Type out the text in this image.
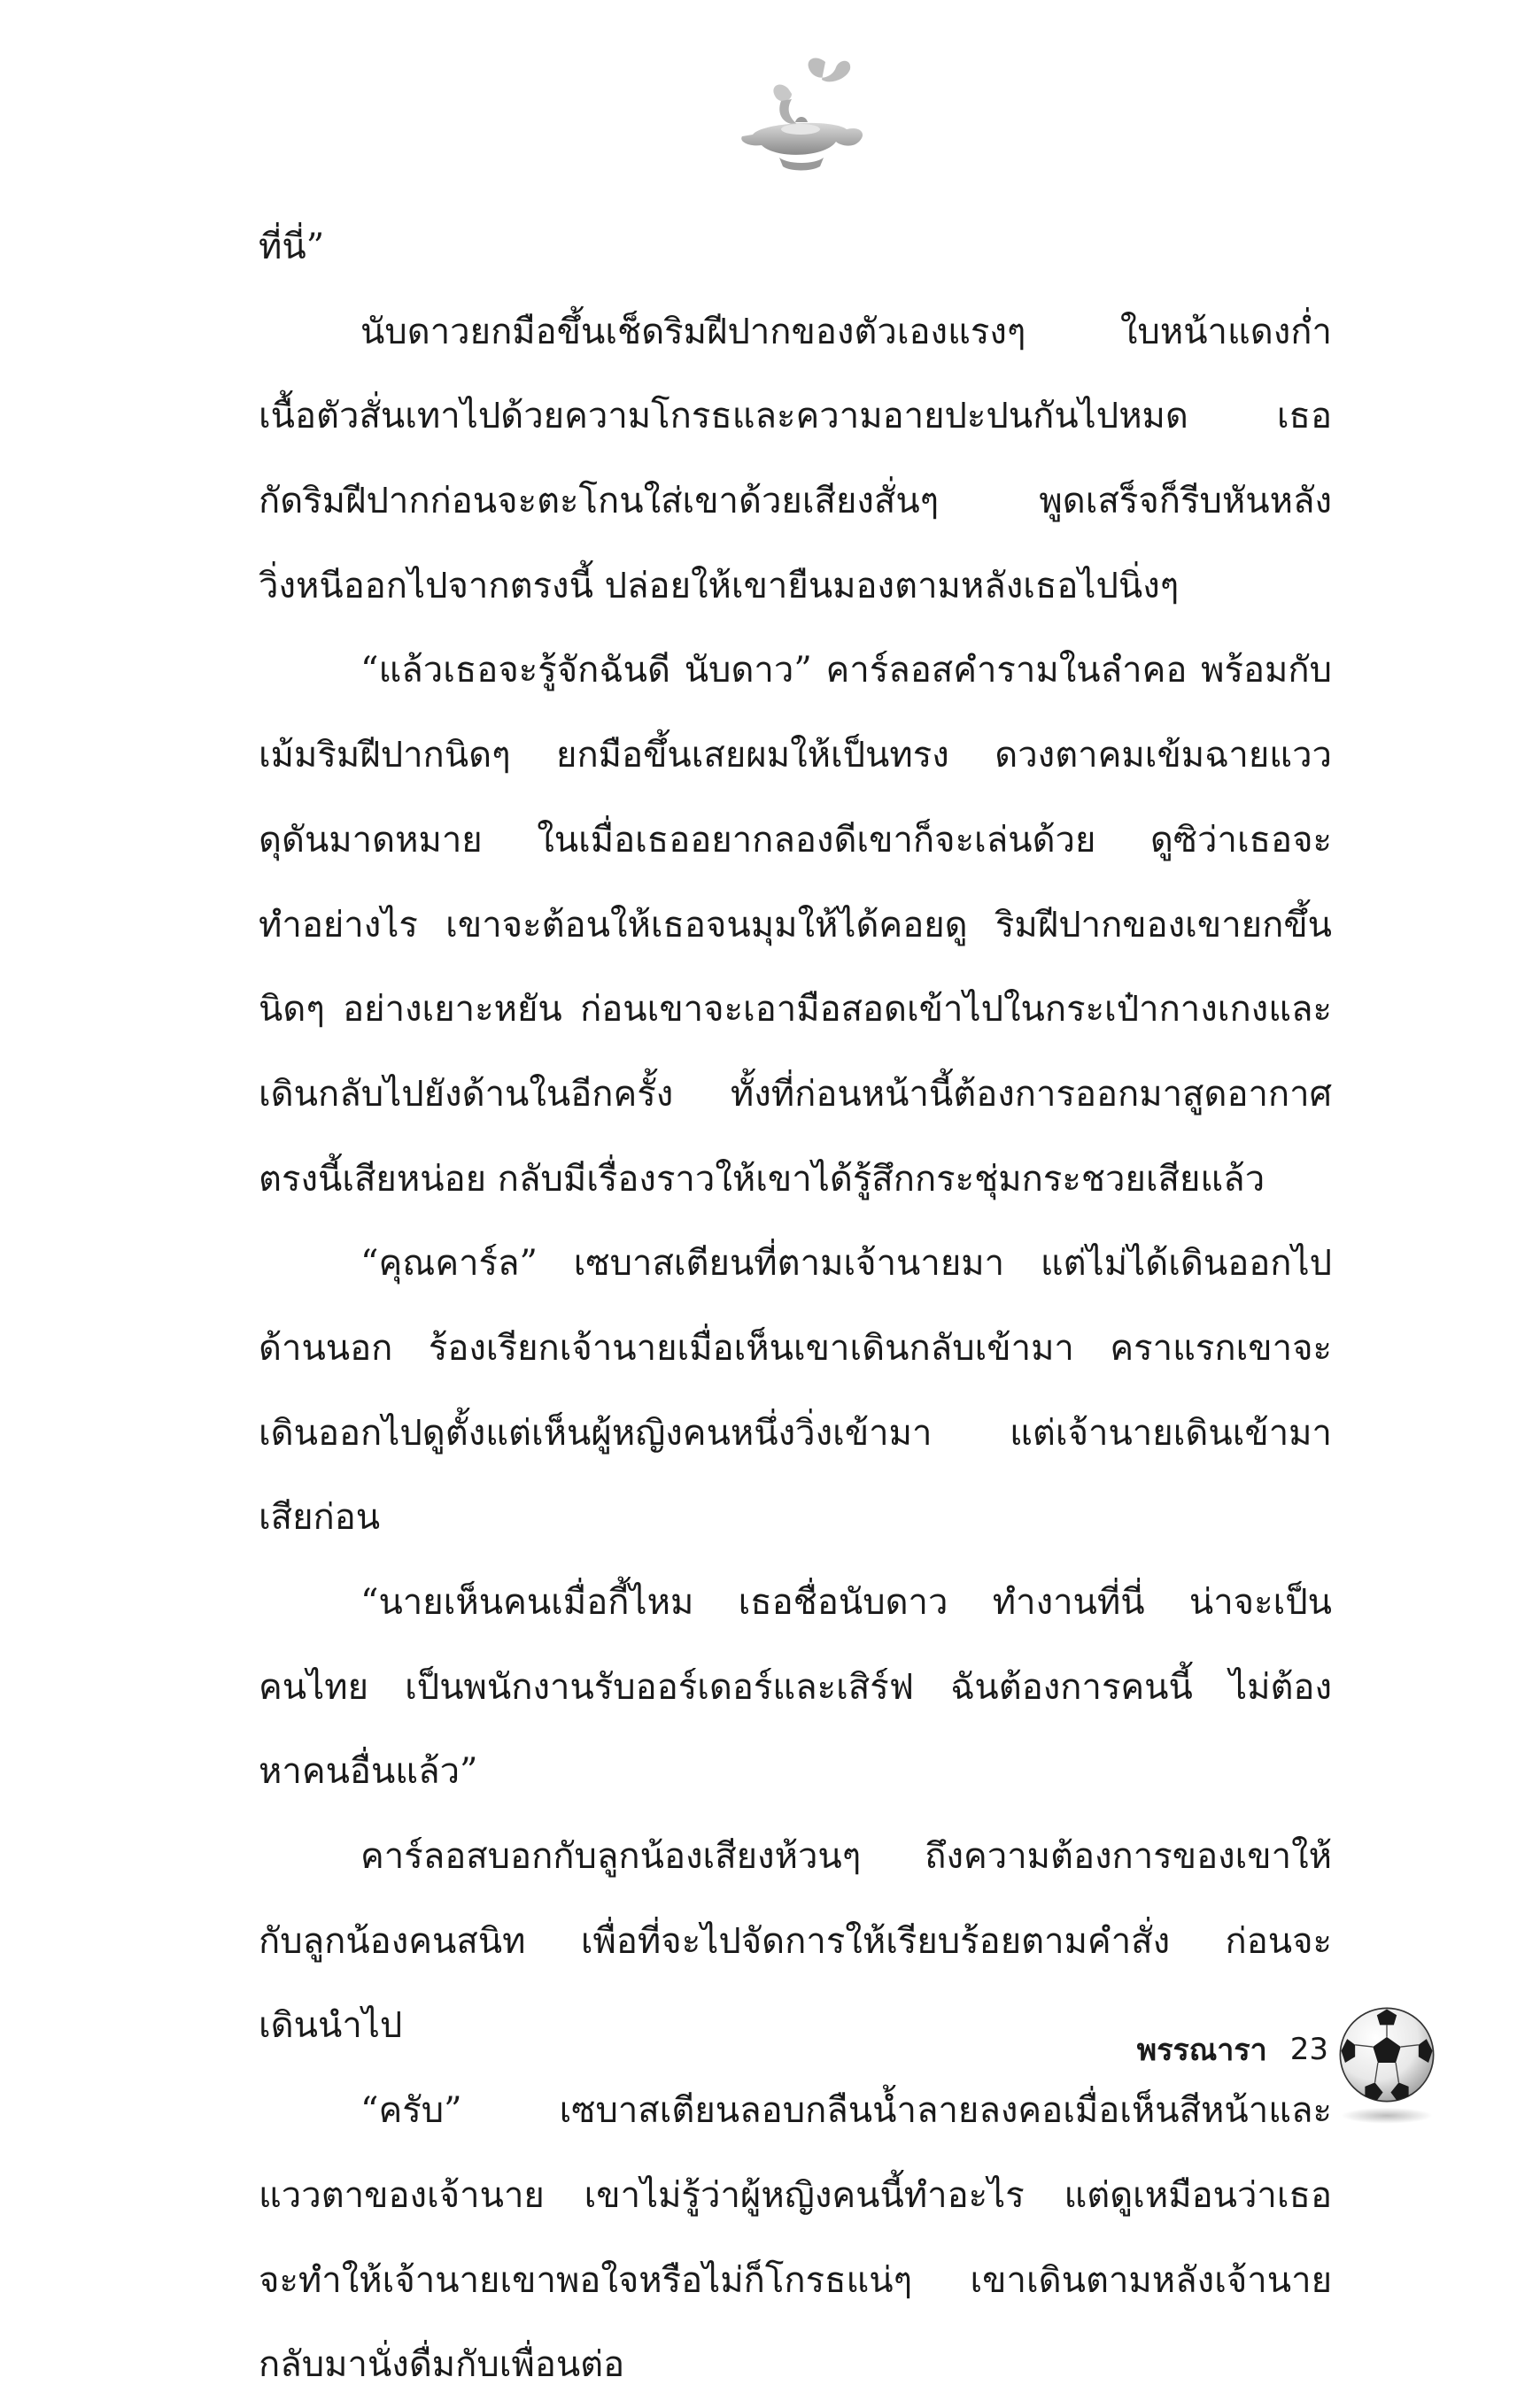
ที่นี่”
นับดาวยกมือขึ้นเช็ดริมฝีปากของตัวเองแรงๆ ใบหน้าแดงก่ำ
เนื้อตัวสั่นเทาไปด้วยความโกรธและความอายปะปนกันไปหมด เธอ
กัดริมฝีปากก่อนจะตะโกนใส่เขาด้วยเสียงสั่นๆ พูดเสร็จก็รีบหันหลัง
วิ่งหนีออกไปจากตรงนี้ ปล่อยให้เขายืนมองตามหลังเธอไปนิ่งๆ
“แล้วเธอจะรู้จักฉันดี นับดาว” คาร์ลอสคำรามในลำคอ พร้อมกับ
เม้มริมฝีปากนิดๆ ยกมือขึ้นเสยผมให้เป็นทรง ดวงตาคมเข้มฉายแวว
ดุดันมาดหมาย ในเมื่อเธออยากลองดีเขาก็จะเล่นด้วย ดูซิว่าเธอจะ
ทำอย่างไร เขาจะต้อนให้เธอจนมุมให้ได้คอยดู ริมฝีปากของเขายกขึ้น
นิดๆ อย่างเยาะหยัน ก่อนเขาจะเอามือสอดเข้าไปในกระเป๋ากางเกงและ
เดินกลับไปยังด้านในอีกครั้ง ทั้งที่ก่อนหน้านี้ต้องการออกมาสูดอากาศ
ตรงนี้เสียหน่อย กลับมีเรื่องราวให้เขาได้รู้สึกกระชุ่มกระชวยเสียแล้ว
“คุณคาร์ล” เซบาสเตียนที่ตามเจ้านายมา แต่ไม่ได้เดินออกไป
ด้านนอก ร้องเรียกเจ้านายเมื่อเห็นเขาเดินกลับเข้ามา คราแรกเขาจะ
เดินออกไปดูตั้งแต่เห็นผู้หญิงคนหนึ่งวิ่งเข้ามา แต่เจ้านายเดินเข้ามา
เสียก่อน
“นายเห็นคนเมื่อกี้ไหม เธอชื่อนับดาว ทำงานที่นี่ น่าจะเป็น
คนไทย เป็นพนักงานรับออร์เดอร์และเสิร์ฟ ฉันต้องการคนนี้ ไม่ต้อง
หาคนอื่นแล้ว”
คาร์ลอสบอกกับลูกน้องเสียงห้วนๆ ถึงความต้องการของเขาให้
กับลูกน้องคนสนิท เพื่อที่จะไปจัดการให้เรียบร้อยตามคำสั่ง ก่อนจะ
เดินนำไป
“ครับ” เซบาสเตียนลอบกลืนน้ำลายลงคอเมื่อเห็นสีหน้าและ
แววตาของเจ้านาย เขาไม่รู้ว่าผู้หญิงคนนี้ทำอะไร แต่ดูเหมือนว่าเธอ
จะทำให้เจ้านายเขาพอใจหรือไม่ก็โกรธแน่ๆ เขาเดินตามหลังเจ้านาย
กลับมานั่งดื่มกับเพื่อนต่อ
พรรณารา 23
